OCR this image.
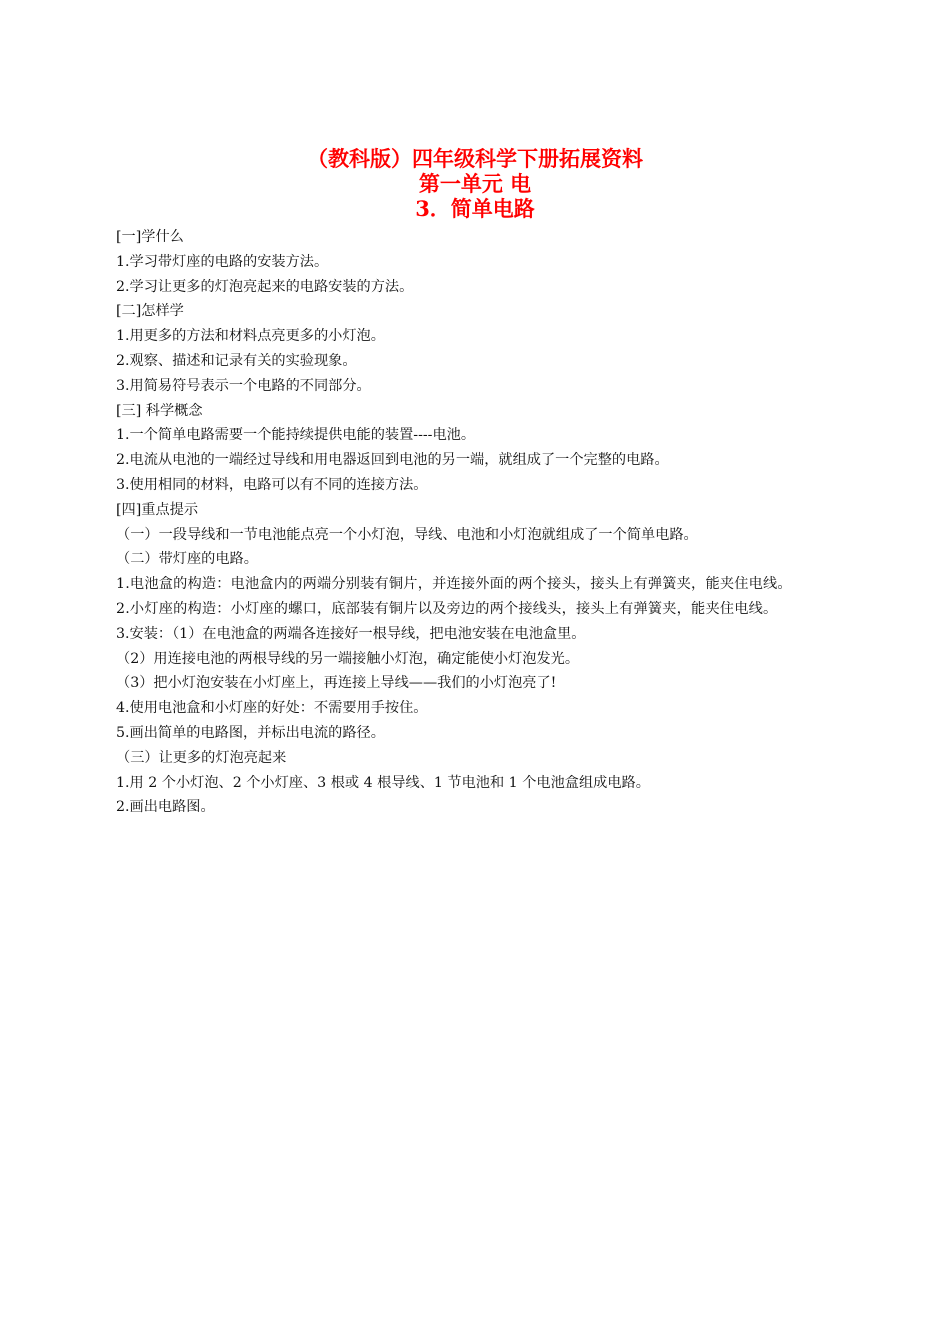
（教科版）四年级科学下册拓展资料
第一单元 电
3．简单电路
[一]学什么
1.学习带灯座的电路的安装方法。
2.学习让更多的灯泡亮起来的电路安装的方法。
[二]怎样学
1.用更多的方法和材料点亮更多的小灯泡。
2.观察、描述和记录有关的实验现象。
3.用简易符号表示一个电路的不同部分。
[三] 科学概念
1.一个简单电路需要一个能持续提供电能的装置----电池。
2.电流从电池的一端经过导线和用电器返回到电池的另一端，就组成了一个完整的电路。
3.使用相同的材料，电路可以有不同的连接方法。
[四]重点提示
（一）一段导线和一节电池能点亮一个小灯泡，导线、电池和小灯泡就组成了一个简单电路。
（二）带灯座的电路。
1.电池盒的构造：电池盒内的两端分别装有铜片，并连接外面的两个接头，接头上有弹簧夹，能夹住电线。
2.小灯座的构造：小灯座的螺口，底部装有铜片以及旁边的两个接线头，接头上有弹簧夹，能夹住电线。
3.安装：（1）在电池盒的两端各连接好一根导线，把电池安装在电池盒里。
（2）用连接电池的两根导线的另一端接触小灯泡，确定能使小灯泡发光。
（3）把小灯泡安装在小灯座上，再连接上导线——我们的小灯泡亮了!
4.使用电池盒和小灯座的好处：不需要用手按住。
5.画出简单的电路图，并标出电流的路径。
（三）让更多的灯泡亮起来
1.用 2 个小灯泡、2 个小灯座、3 根或 4 根导线、1 节电池和 1 个电池盒组成电路。
2.画出电路图。
